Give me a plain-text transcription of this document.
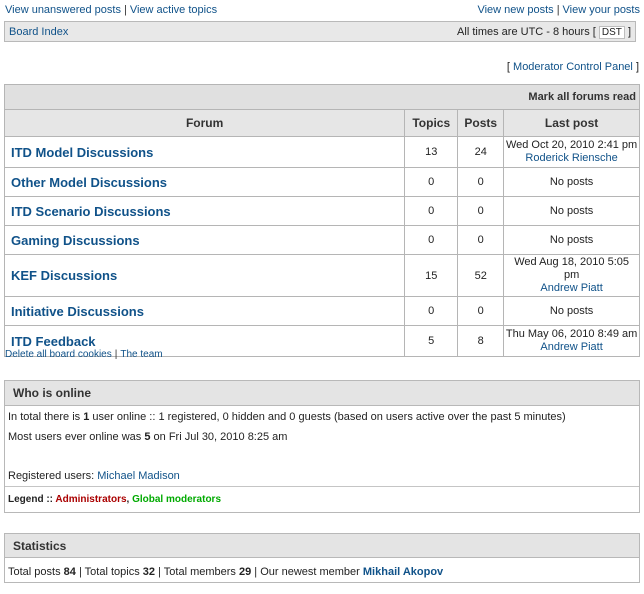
View unanswered posts | View active topics	View new posts | View your posts
Board Index	All times are UTC - 8 hours [ DST ]
[ Moderator Control Panel ]
Mark all forums read			
Forum	Topics	Posts	Last post
ITD Model Discussions	13	24	Wed Oct 20, 2010 2:41 pm
Roderick Riensche

Other Model Discussions	0	0	No posts

ITD Scenario Discussions	0	0	No posts

Gaming Discussions	0	0	No posts

KEF Discussions	15	52	Wed Aug 18, 2010 5:05 pm
Andrew Piatt

Initiative Discussions	0	0	No posts

ITD Feedback	5	8	Thu May 06, 2010 8:49 am
Andrew Piatt
Delete all board cookies | The team
Who is online
In total there is 1 user online :: 1 registered, 0 hidden and 0 guests (based on users active over the past 5 minutes)
Most users ever online was 5 on Fri Jul 30, 2010 8:25 am
Registered users: Michael Madison
Legend :: Administrators, Global moderators
Statistics
Total posts 84 | Total topics 32 | Total members 29 | Our newest member Mikhail Akopov
